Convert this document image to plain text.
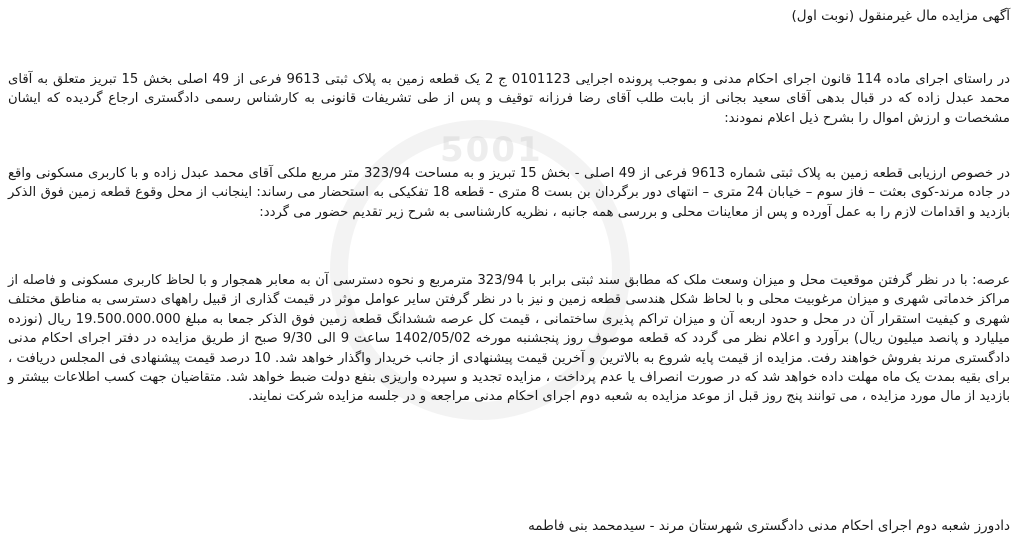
5001
آگهی مزایده مال غیرمنقول (نوبت اول)
در راستای اجرای ماده 114 قانون اجرای احکام مدنی و بموجب پرونده اجرایی 0101123 ج 2 یک قطعه زمین به پلاک ثبتی 9613 فرعی از 49 اصلی بخش 15 تبریز متعلق به آقای محمد عبدل زاده که در قبال بدهی آقای سعید بجانی از بابت طلب آقای رضا فرزانه توقیف و پس از طی تشریفات قانونی به کارشناس رسمی دادگستری ارجاع گردیده که ایشان مشخصات و ارزش اموال را بشرح ذیل اعلام نمودند:
در خصوص ارزیابی قطعه زمین به پلاک ثبتی شماره 9613 فرعی از 49 اصلی - بخش 15 تبریز و به مساحت 323/94 متر مربع ملکی آقای محمد عبدل زاده و با کاربری مسکونی واقع در جاده مرند-کوی بعثت – فاز سوم – خیابان 24 متری – انتهای دور برگردان بن بست 8 متری - قطعه 18 تفکیکی به استحضار می رساند: اینجانب از محل وقوع قطعه زمین فوق الذکر بازدید و اقدامات لازم را به عمل آورده و پس از معاینات محلی و بررسی همه جانبه ، نظریه کارشناسی به شرح زیر تقدیم حضور می گردد:
عرصه: با در نظر گرفتن موقعیت محل و میزان وسعت ملک که مطابق سند ثبتی برابر با 323/94 مترمربع و نحوه دسترسی آن به معابر همجوار و با لحاظ کاربری مسکونی و فاصله از مراکز خدماتی شهری و میزان مرغوبیت محلی و با لحاظ شکل هندسی قطعه زمین و نیز با در نظر گرفتن سایر عوامل موثر در قیمت گذاری از قبیل راههای دسترسی به مناطق مختلف شهری و کیفیت استقرار آن در محل و حدود اربعه آن و میزان تراکم پذیری ساختمانی ، قیمت کل عرصه ششدانگ قطعه زمین فوق الذکر جمعا به مبلغ 19.500.000.000 ریال (نوزده میلیارد و پانصد میلیون ریال) برآورد و اعلام نظر می گردد که قطعه موصوف روز پنجشنبه مورخه 1402/05/02 ساعت 9 الی 9/30 صبح از طریق مزایده در دفتر اجرای احکام مدنی دادگستری مرند بفروش خواهند رفت. مزایده از قیمت پایه شروع به بالاترین و آخرین قیمت پیشنهادی از جانب خریدار واگذار خواهد شد. 10 درصد قیمت پیشنهادی فی المجلس دریافت ، برای بقیه بمدت یک ماه مهلت داده خواهد شد که در صورت انصراف یا عدم پرداخت ، مزایده تجدید و سپرده واریزی بنفع دولت ضبط خواهد شد. متقاضیان جهت کسب اطلاعات بیشتر و بازدید از مال مورد مزایده ، می توانند پنج روز قبل از موعد مزایده به شعبه دوم اجرای احکام مدنی مراجعه و در جلسه مزایده شرکت نمایند.
دادورز شعبه دوم اجرای احکام مدنی دادگستری شهرستان مرند - سیدمحمد بنی فاطمه
